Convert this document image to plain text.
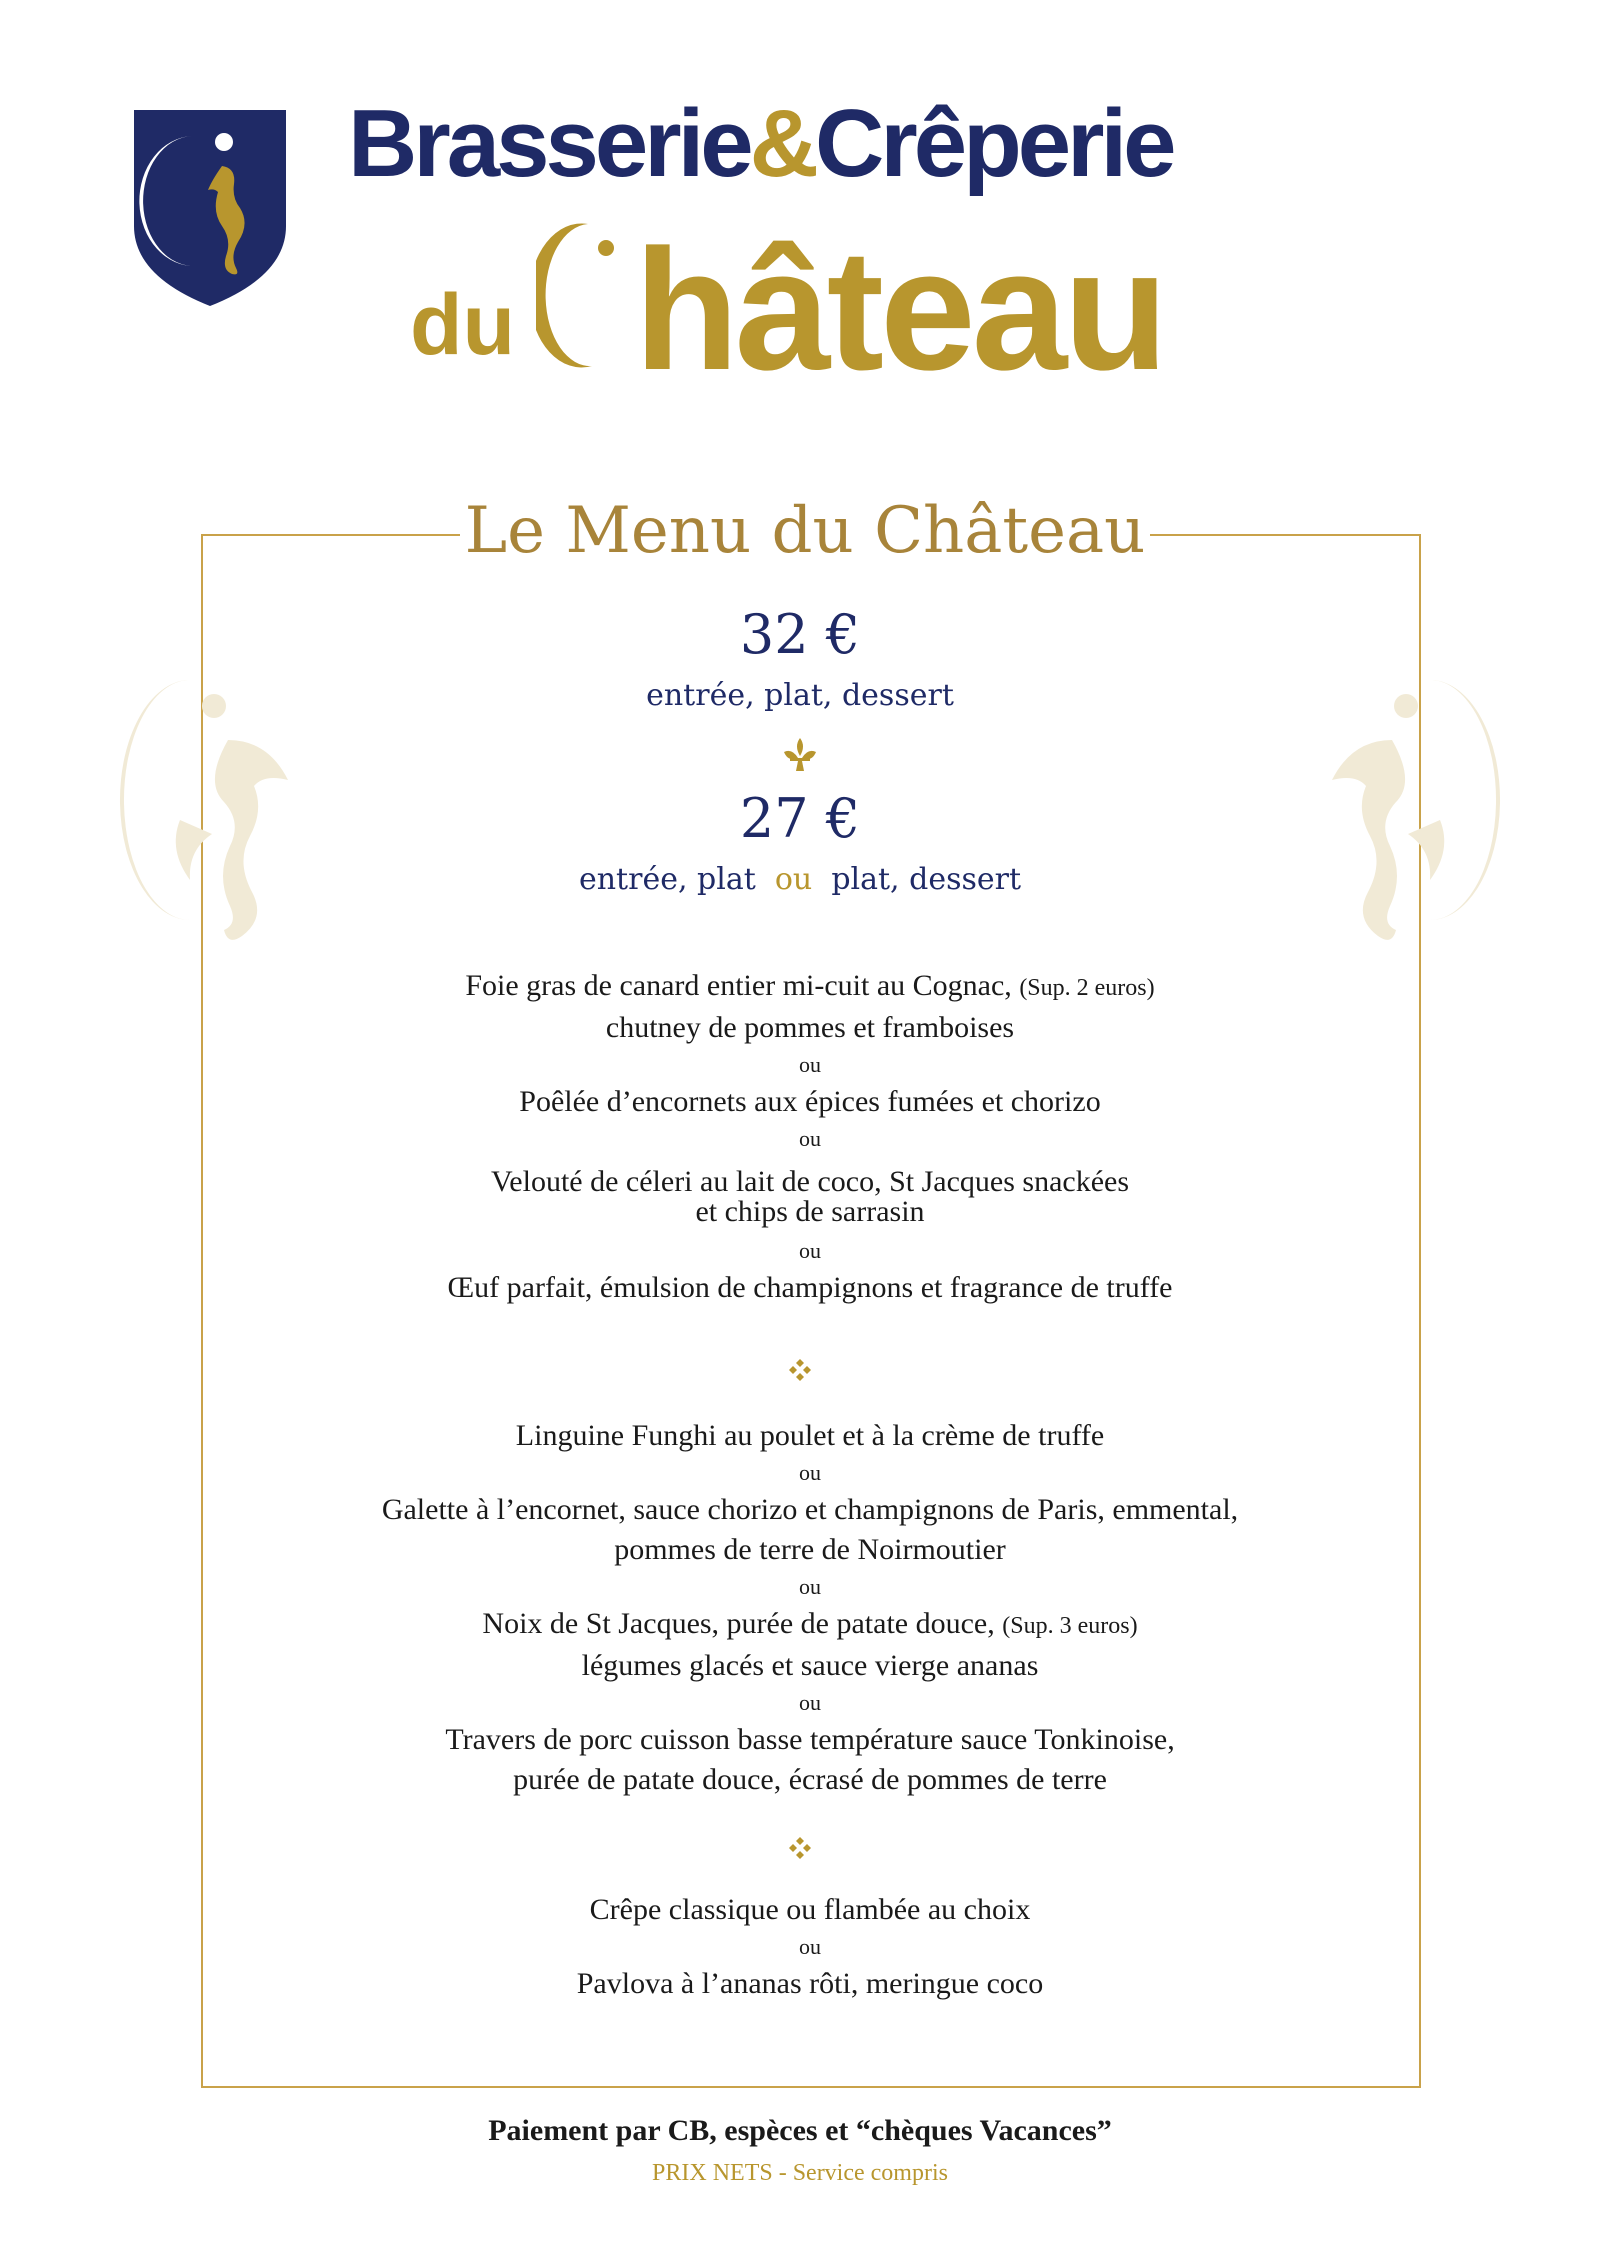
Brasserie&Crêperie
du hâteau
Le Menu du Château
32 €
entrée, plat, dessert
27 €
entrée, plat ou plat, dessert

Foie gras de canard entier mi-cuit au Cognac, (Sup. 2 euros)

chutney de pommes et framboises

ou

Poêlée d’encornets aux épices fumées et chorizo

ou

Velouté de céleri au lait de coco, St Jacques snackées

et chips de sarrasin

ou

Œuf parfait, émulsion de champignons et fragrance de truffe

Linguine Funghi au poulet et à la crème de truffe

ou

Galette à l’encornet, sauce chorizo et champignons de Paris, emmental,

pommes de terre de Noirmoutier

ou

Noix de St Jacques, purée de patate douce, (Sup. 3 euros)

légumes glacés et sauce vierge ananas

ou

Travers de porc cuisson basse température sauce Tonkinoise,

purée de patate douce, écrasé de pommes de terre

Crêpe classique ou flambée au choix

ou

Pavlova à l’ananas rôti, meringue coco

Paiement par CB, espèces et “chèques Vacances”
PRIX NETS - Service compris
